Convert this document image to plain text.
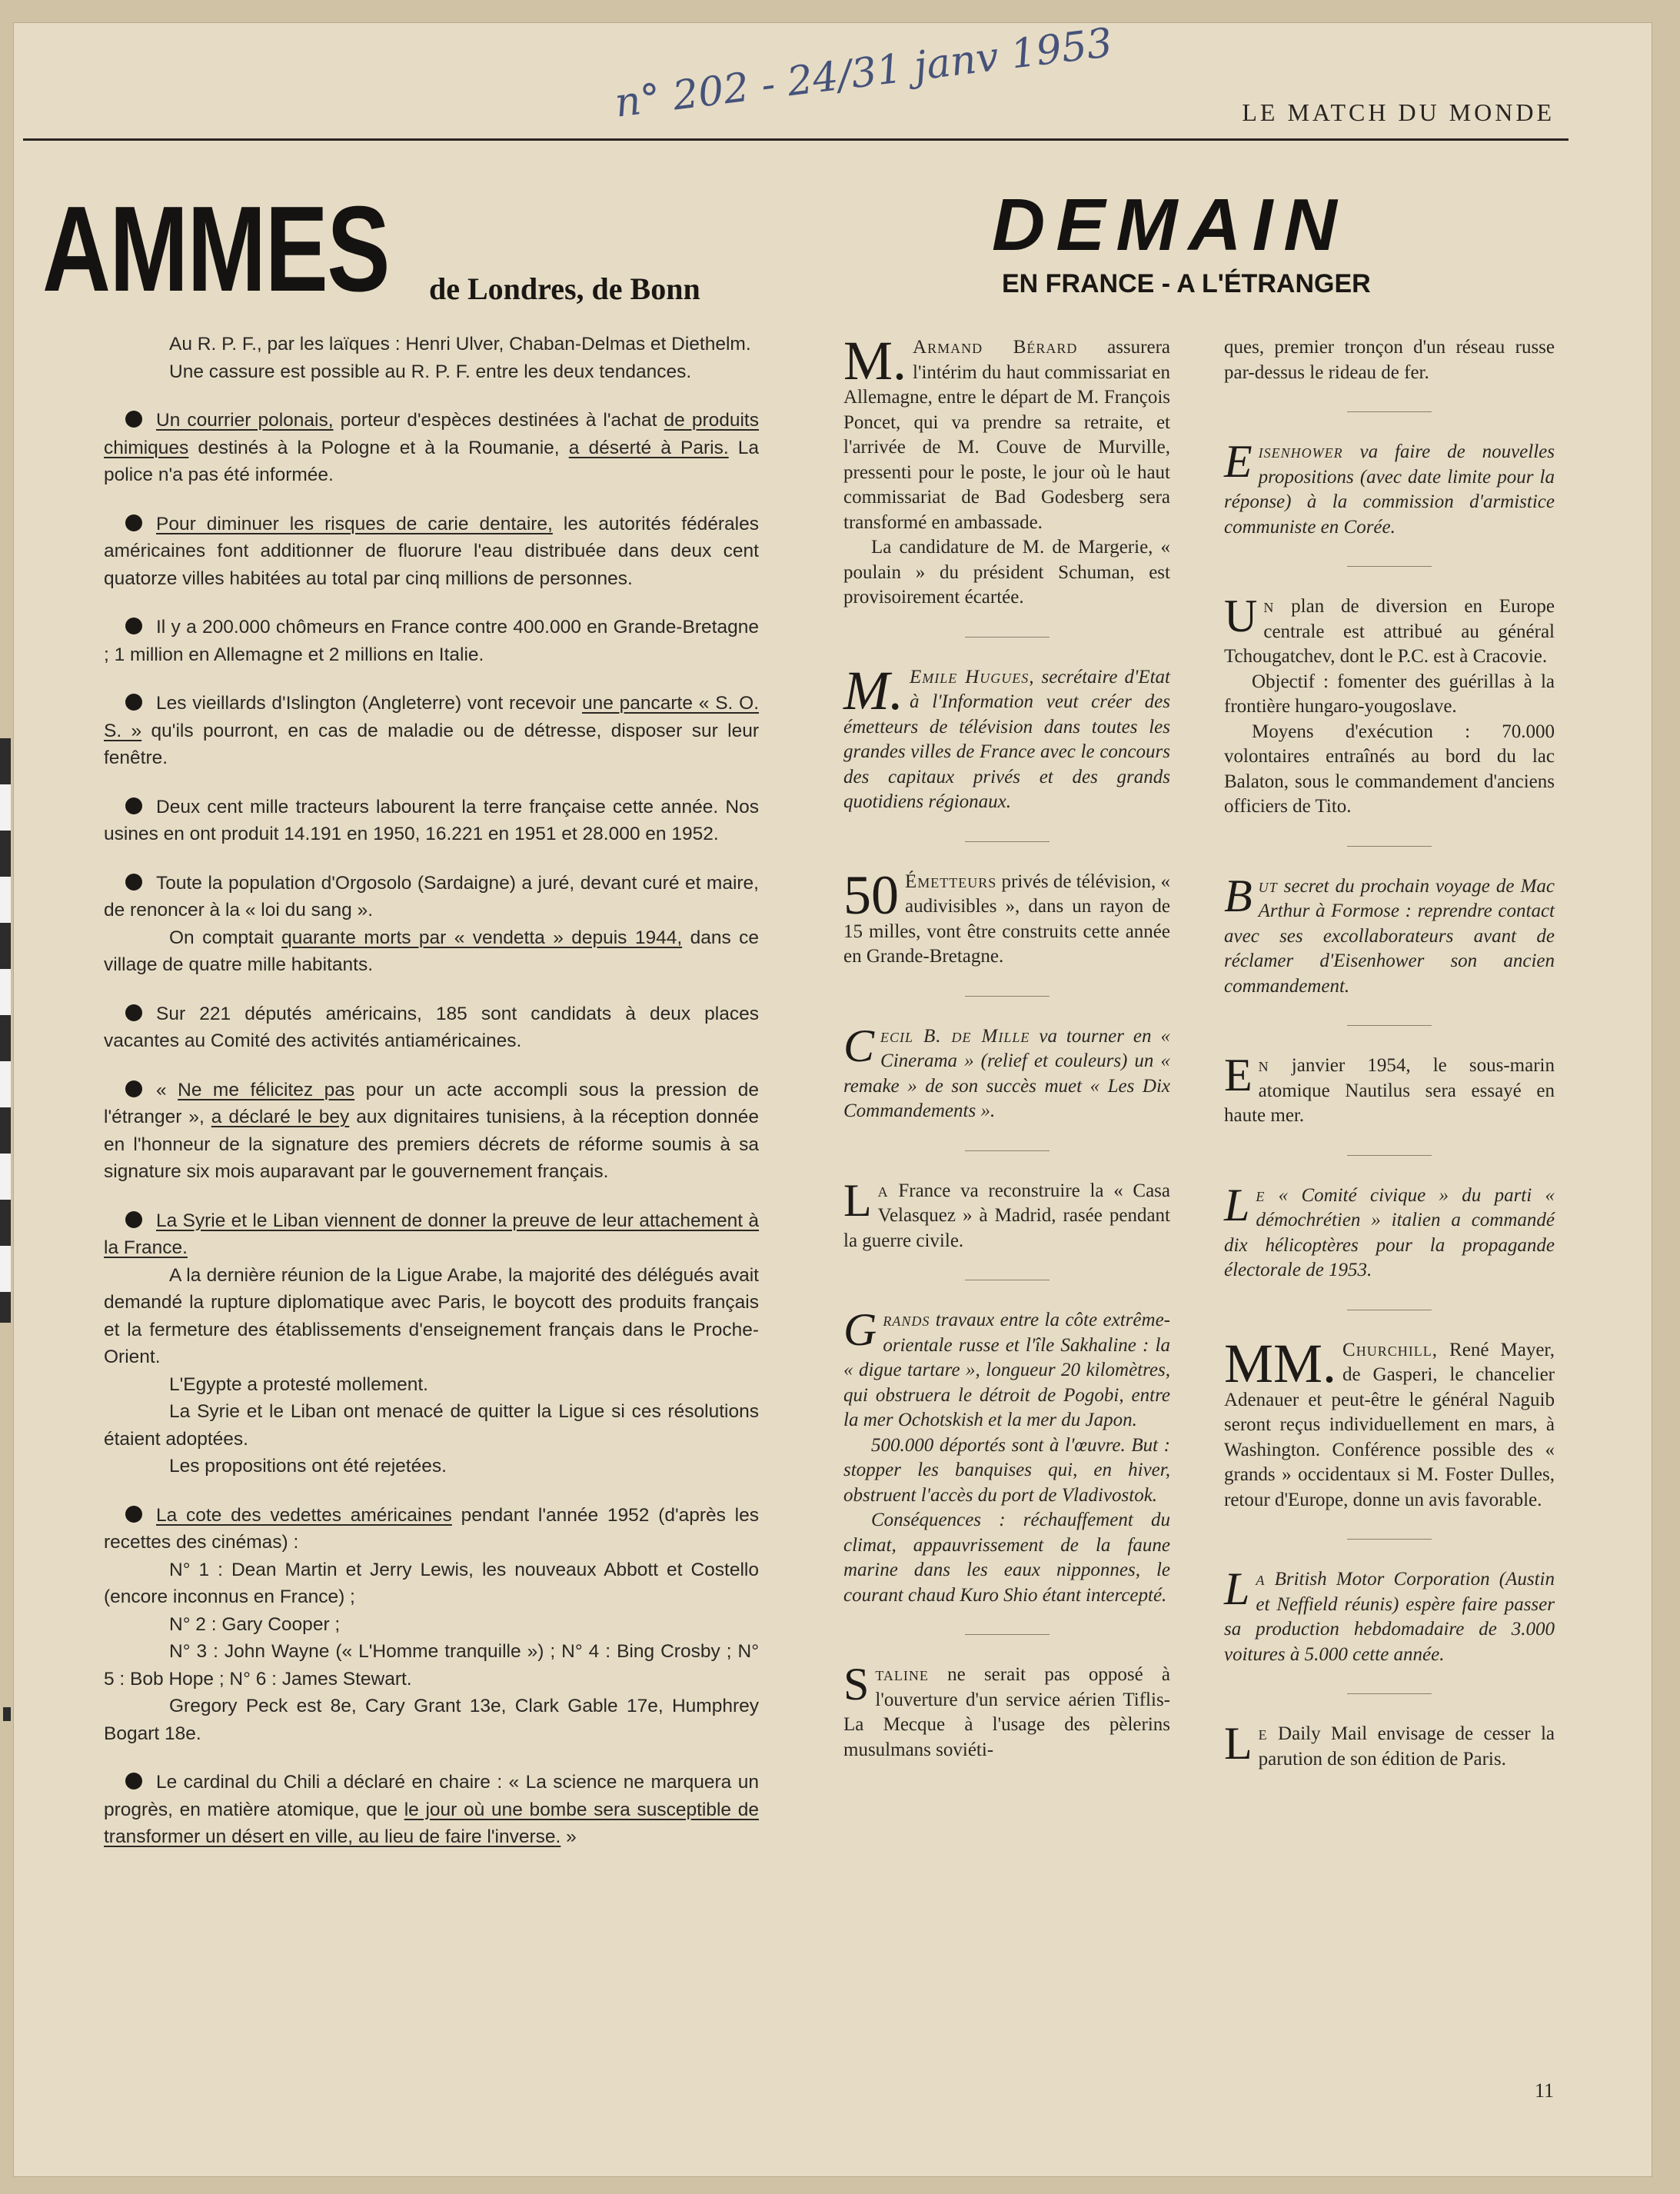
LE MATCH DU MONDE
n° 202 - 24/31 janv 1953
AMMES de Londres, de Bonn
DEMAIN
EN FRANCE - A L'ÉTRANGER

Au R. P. F., par les laïques : Henri Ulver, Chaban-Delmas et Diethelm.

Une cassure est possible au R. P. F. entre les deux tendances.

Un courrier polonais, porteur d'espèces destinées à l'achat de produits chimiques destinés à la Pologne et à la Roumanie, a déserté à Paris. La police n'a pas été informée.

Pour diminuer les risques de carie dentaire, les autorités fédérales américaines font additionner de fluorure l'eau distribuée dans deux cent quatorze villes habitées au total par cinq millions de personnes.

Il y a 200.000 chômeurs en France contre 400.000 en Grande-Bretagne ; 1 million en Allemagne et 2 millions en Italie.

Les vieillards d'Islington (Angleterre) vont recevoir une pancarte « S. O. S. » qu'ils pourront, en cas de maladie ou de détresse, disposer sur leur fenêtre.

Deux cent mille tracteurs labourent la terre française cette année. Nos usines en ont produit 14.191 en 1950, 16.221 en 1951 et 28.000 en 1952.

Toute la population d'Orgosolo (Sardaigne) a juré, devant curé et maire, de renoncer à la « loi du sang ».

On comptait quarante morts par « vendetta » depuis 1944, dans ce village de quatre mille habitants.

Sur 221 députés américains, 185 sont candidats à deux places vacantes au Comité des activités antiaméricaines.

« Ne me félicitez pas pour un acte accompli sous la pression de l'étranger », a déclaré le bey aux dignitaires tunisiens, à la réception donnée en l'honneur de la signature des premiers décrets de réforme soumis à sa signature six mois auparavant par le gouvernement français.

La Syrie et le Liban viennent de donner la preuve de leur attachement à la France.

A la dernière réunion de la Ligue Arabe, la majorité des délégués avait demandé la rupture diplomatique avec Paris, le boycott des produits français et la fermeture des établissements d'enseignement français dans le Proche-Orient.

L'Egypte a protesté mollement.

La Syrie et le Liban ont menacé de quitter la Ligue si ces résolutions étaient adoptées.

Les propositions ont été rejetées.

La cote des vedettes américaines pendant l'année 1952 (d'après les recettes des cinémas) :

N° 1 : Dean Martin et Jerry Lewis, les nouveaux Abbott et Costello (encore inconnus en France) ;

N° 2 : Gary Cooper ;

N° 3 : John Wayne (« L'Homme tranquille ») ; N° 4 : Bing Crosby ; N° 5 : Bob Hope ; N° 6 : James Stewart.

Gregory Peck est 8e, Cary Grant 13e, Clark Gable 17e, Humphrey Bogart 18e.

Le cardinal du Chili a déclaré en chaire : « La science ne marquera un progrès, en matière atomique, que le jour où une bombe sera susceptible de transformer un désert en ville, au lieu de faire l'inverse. »

M. Armand Bérard assurera l'intérim du haut commissariat en Allemagne, entre le départ de M. François Poncet, qui va prendre sa retraite, et l'arrivée de M. Couve de Murville, pressenti pour le poste, le jour où le haut commissariat de Bad Godesberg sera transformé en ambassade.

La candidature de M. de Margerie, « poulain » du président Schuman, est provisoirement écartée.

M. Emile Hugues, secrétaire d'Etat à l'Information veut créer des émetteurs de télévision dans toutes les grandes villes de France avec le concours des capitaux privés et des grands quotidiens régionaux.

50 Émetteurs privés de télévision, « audivisibles », dans un rayon de 15 milles, vont être construits cette année en Grande-Bretagne.

Cecil B. de Mille va tourner en « Cinerama » (relief et couleurs) un « remake » de son succès muet « Les Dix Commandements ».

La France va reconstruire la « Casa Velasquez » à Madrid, rasée pendant la guerre civile.

Grands travaux entre la côte extrême-orientale russe et l'île Sakhaline : la « digue tartare », longueur 20 kilomètres, qui obstruera le détroit de Pogobi, entre la mer Ochotskish et la mer du Japon.

500.000 déportés sont à l'œuvre. But : stopper les banquises qui, en hiver, obstruent l'accès du port de Vladivostok.

Conséquences : réchauffement du climat, appauvrissement de la faune marine dans les eaux nipponnes, le courant chaud Kuro Shio étant intercepté.

Staline ne serait pas opposé à l'ouverture d'un service aérien Tiflis-La Mecque à l'usage des pèlerins musulmans soviéti-

ques, premier tronçon d'un réseau russe par-dessus le rideau de fer.

Eisenhower va faire de nouvelles propositions (avec date limite pour la réponse) à la commission d'armistice communiste en Corée.

Un plan de diversion en Europe centrale est attribué au général Tchougatchev, dont le P.C. est à Cracovie.

Objectif : fomenter des guérillas à la frontière hungaro-yougoslave.

Moyens d'exécution : 70.000 volontaires entraînés au bord du lac Balaton, sous le commandement d'anciens officiers de Tito.

But secret du prochain voyage de Mac Arthur à Formose : reprendre contact avec ses excollaborateurs avant de réclamer d'Eisenhower son ancien commandement.

En janvier 1954, le sous-marin atomique Nautilus sera essayé en haute mer.

Le « Comité civique » du parti « démochrétien » italien a commandé dix hélicoptères pour la propagande électorale de 1953.

MM. Churchill, René Mayer, de Gasperi, le chancelier Adenauer et peut-être le général Naguib seront reçus individuellement en mars, à Washington. Conférence possible des « grands » occidentaux si M. Foster Dulles, retour d'Europe, donne un avis favorable.

La British Motor Corporation (Austin et Neffield réunis) espère faire passer sa production hebdomadaire de 3.000 voitures à 5.000 cette année.

Le Daily Mail envisage de cesser la parution de son édition de Paris.

11
